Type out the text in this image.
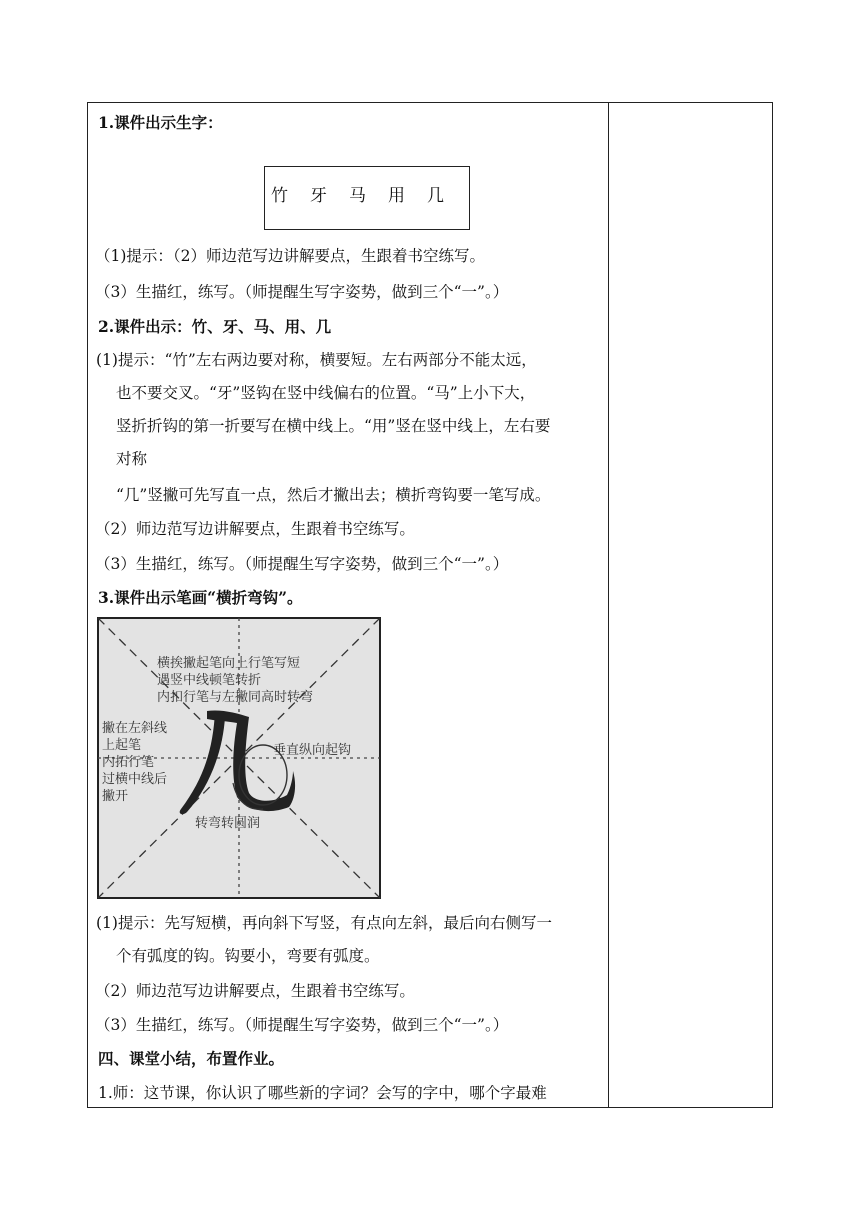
1.课件出示生字：
竹 牙 马 用 几
（1)提示：（2）师边范写边讲解要点，生跟着书空练写。
（3）生描红，练写。（师提醒生写字姿势，做到三个“一”。）
2.课件出示：竹、牙、马、用、几
(1)提示：“竹”左右两边要对称，横要短。左右两部分不能太远，
也不要交叉。“牙”竖钩在竖中线偏右的位置。“马”上小下大，
竖折折钩的第一折要写在横中线上。“用”竖在竖中线上，左右要
对称
“几”竖撇可先写直一点，然后才撇出去；横折弯钩要一笔写成。
（2）师边范写边讲解要点，生跟着书空练写。
（3）生描红，练写。（师提醒生写字姿势，做到三个“一”。）
3.课件出示笔画“横折弯钩”。
横挨撇起笔向上行笔写短
遇竖中线顿笔转折
内扣行笔与左撇同高时转弯
撇在左斜线
上起笔
内拓行笔
过横中线后
撇开
垂直纵向起钩
转弯转圆润
(1)提示：先写短横，再向斜下写竖，有点向左斜，最后向右侧写一
个有弧度的钩。钩要小，弯要有弧度。
（2）师边范写边讲解要点，生跟着书空练写。
（3）生描红，练写。（师提醒生写字姿势，做到三个“一”。）
四、课堂小结，布置作业。
1.师：这节课，你认识了哪些新的字词？会写的字中，哪个字最难
